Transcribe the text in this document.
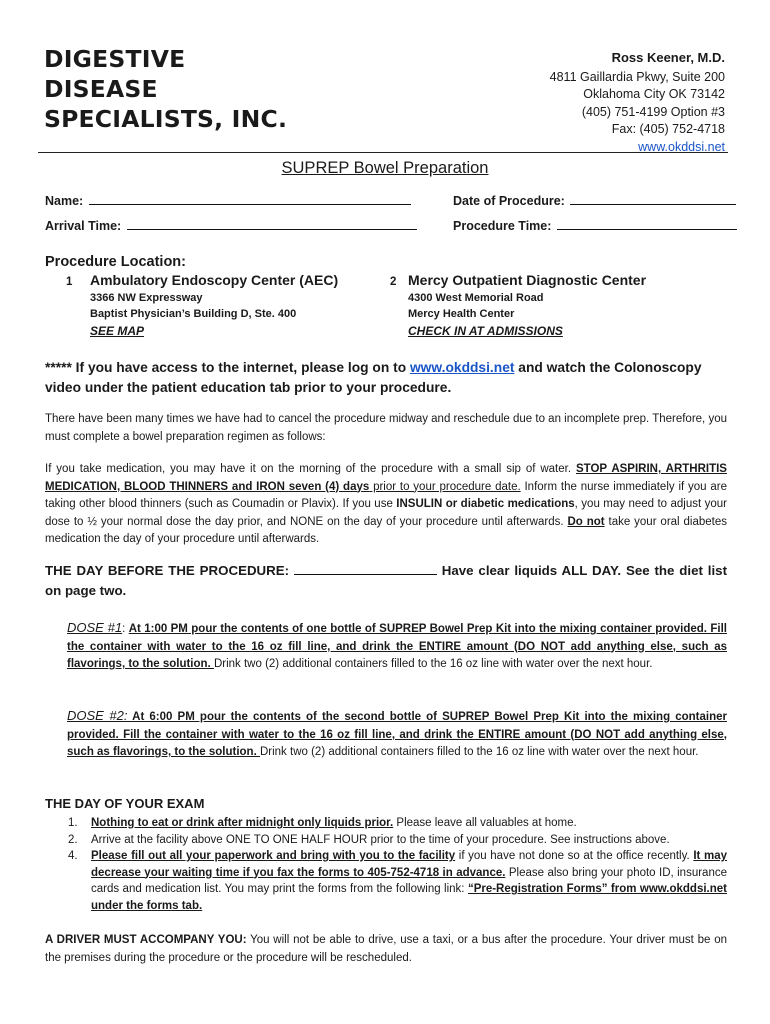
DIGESTIVE
DISEASE
SPECIALISTS, INC.
Ross Keener, M.D.
4811 Gaillardia Pkwy, Suite 200
Oklahoma City OK 73142
(405) 751-4199 Option #3
Fax: (405) 752-4718
www.okddsi.net
SUPREP Bowel Preparation
Name:	Date of Procedure:
Arrival Time:	Procedure Time:
Procedure Location:
1 Ambulatory Endoscopy Center (AEC)
3366 NW Expressway
Baptist Physician’s Building D, Ste. 400
SEE MAP
2 Mercy Outpatient Diagnostic Center
4300 West Memorial Road
Mercy Health Center
CHECK IN AT ADMISSIONS
***** If you have access to the internet, please log on to www.okddsi.net and watch the Colonoscopy video under the patient education tab prior to your procedure.
There have been many times we have had to cancel the procedure midway and reschedule due to an incomplete prep. Therefore, you must complete a bowel preparation regimen as follows:
If you take medication, you may have it on the morning of the procedure with a small sip of water. STOP ASPIRIN, ARTHRITIS MEDICATION, BLOOD THINNERS and IRON seven (4) days prior to your procedure date. Inform the nurse immediately if you are taking other blood thinners (such as Coumadin or Plavix). If you use INSULIN or diabetic medications, you may need to adjust your dose to ½ your normal dose the day prior, and NONE on the day of your procedure until afterwards. Do not take your oral diabetes medication the day of your procedure until afterwards.
THE DAY BEFORE THE PROCEDURE:	Have clear liquids ALL DAY. See the diet list on page two.
DOSE #1: At 1:00 PM pour the contents of one bottle of SUPREP Bowel Prep Kit into the mixing container provided. Fill the container with water to the 16 oz fill line, and drink the ENTIRE amount (DO NOT add anything else, such as flavorings, to the solution. Drink two (2) additional containers filled to the 16 oz line with water over the next hour.
DOSE #2: At 6:00 PM pour the contents of the second bottle of SUPREP Bowel Prep Kit into the mixing container provided. Fill the container with water to the 16 oz fill line, and drink the ENTIRE amount (DO NOT add anything else, such as flavorings, to the solution. Drink two (2) additional containers filled to the 16 oz line with water over the next hour.
THE DAY OF YOUR EXAM
1. Nothing to eat or drink after midnight only liquids prior. Please leave all valuables at home.
2. Arrive at the facility above ONE TO ONE HALF HOUR prior to the time of your procedure. See instructions above.
4. Please fill out all your paperwork and bring with you to the facility if you have not done so at the office recently. It may decrease your waiting time if you fax the forms to 405-752-4718 in advance. Please also bring your photo ID, insurance cards and medication list. You may print the forms from the following link: “Pre-Registration Forms” from www.okddsi.net under the forms tab.
A DRIVER MUST ACCOMPANY YOU: You will not be able to drive, use a taxi, or a bus after the procedure. Your driver must be on the premises during the procedure or the procedure will be rescheduled.
